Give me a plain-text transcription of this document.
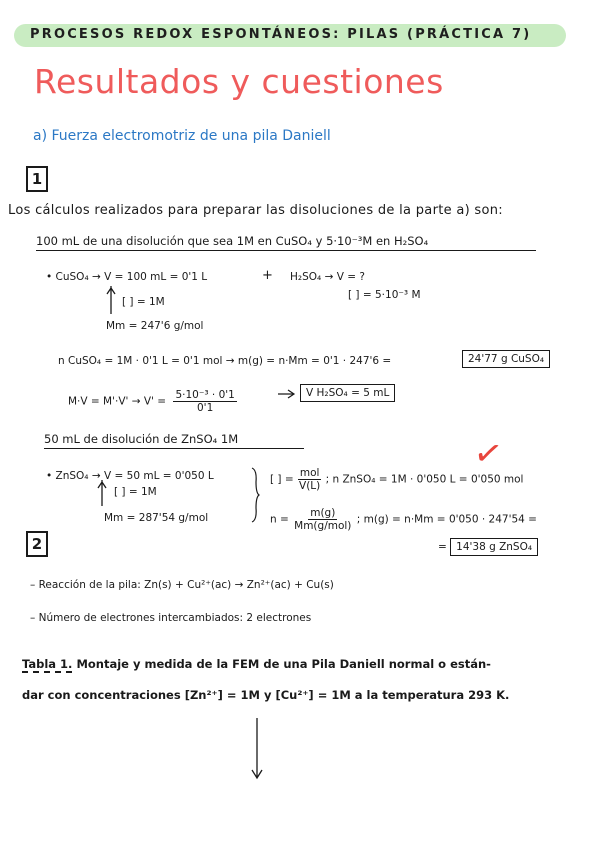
PROCESOS REDOX ESPONTÁNEOS: PILAS (PRÁCTICA 7)
Resultados y cuestiones
a) Fuerza electromotriz de una pila Daniell
1
Los cálculos realizados para preparar las disoluciones de la parte a) son:
100 mL de una disolución que sea 1M en CuSO₄ y 5·10⁻³M en H₂SO₄
• CuSO₄ → V = 100 mL = 0'1 L	+ H₂SO₄ → V = ?
[ ] = 5·10⁻³ M
[ ] = 1M
Mm = 247'6 g/mol
n CuSO₄ = 1M · 0'1 L = 0'1 mol → m(g) = n·Mm = 0'1 · 247'6 =	24'77 g CuSO₄
$M\cdot V = M'\cdot V' \to V' = \frac{\text{5·10⁻³ · 0'1}}{0'1}$	V H₂SO₄ = 5 mL
50 mL de disolución de ZnSO₄ 1M	✓
• ZnSO₄ → V = 50 mL = 0'050 L
[ ] = 1M
Mm = 287'54 g/mol
[ ] = $\frac{\text{mol}}{V(L)}$ ; n ZnSO₄ = 1M · 0'050 L = 0'050 mol
$n = \frac{m(g)}{\text{Mm(g/mol)}}$ ; m(g) = n·Mm = 0'050 · 247'54 =
= 14'38 g ZnSO₄
2
– Reacción de la pila: Zn(s) + Cu²⁺(ac) → Zn²⁺(ac) + Cu(s)
– Número de electrones intercambiados: 2 electrones
Tabla 1. Montaje y medida de la FEM de una Pila Daniell normal o están-
dar con concentraciones [Zn²⁺] = 1M y [Cu²⁺] = 1M a la temperatura 293 K.
